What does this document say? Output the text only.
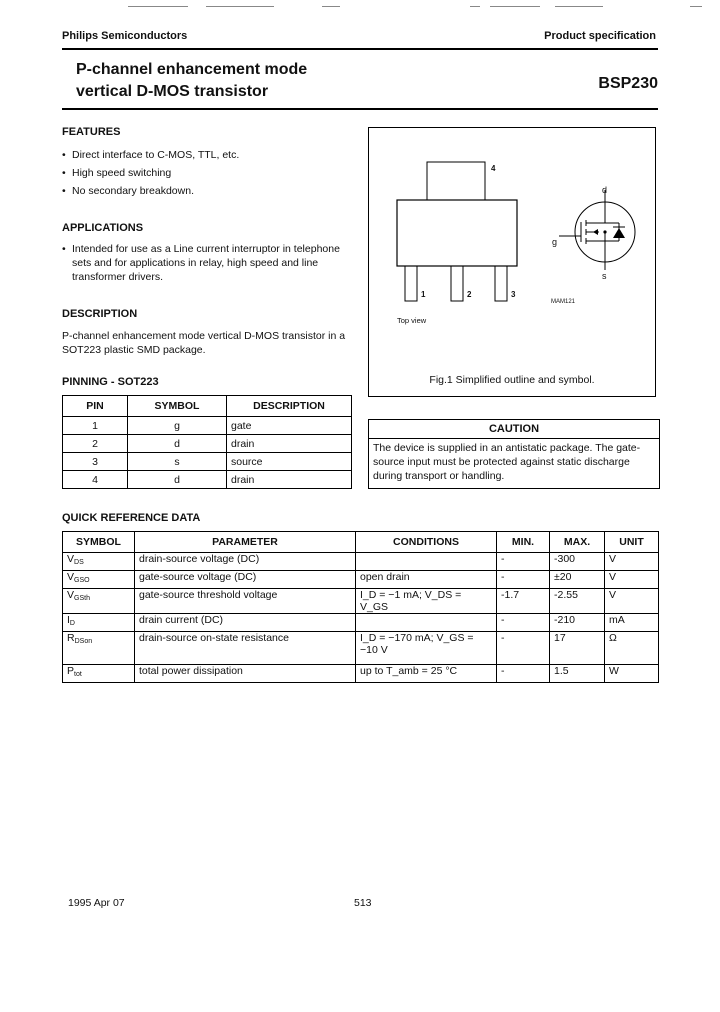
Philips Semiconductors	Product specification
P-channel enhancement mode
vertical D-MOS transistor	BSP230
FEATURES
• Direct interface to C-MOS, TTL, etc.
• High speed switching
• No secondary breakdown.
APPLICATIONS
• Intended for use as a Line current interruptor in telephone sets and for applications in relay, high speed and line transformer drivers.
DESCRIPTION
P-channel enhancement mode vertical D-MOS transistor in a SOT223 plastic SMD package.
PINNING - SOT223
PIN	SYMBOL	DESCRIPTION
1	g	gate
2	d	drain
3	s	source
4	d	drain
4
1	2	3
d
g
s
MAM121
Top view
Fig.1 Simplified outline and symbol.
CAUTION
The device is supplied in an antistatic package. The gate-source input must be protected against static discharge during transport or handling.
QUICK REFERENCE DATA
SYMBOL	PARAMETER	CONDITIONS	MIN.	MAX.	UNIT
$V_{DS}$	drain-source voltage (DC)		-	-300	V
$V_{GSO}$	gate-source voltage (DC)	open drain	-	±20	V
$V_{GSth}$	gate-source threshold voltage	I_D = −1 mA; V_DS = V_GS	-1.7	-2.55	V
$I_D$	drain current (DC)		-	-210	mA
$R_{DSon}$	drain-source on-state resistance	I_D = −170 mA; V_GS = −10 V	-	17	Ω
$P_{tot}$	total power dissipation	up to T_amb = 25 °C	-	1.5	W
1995 Apr 07	513
